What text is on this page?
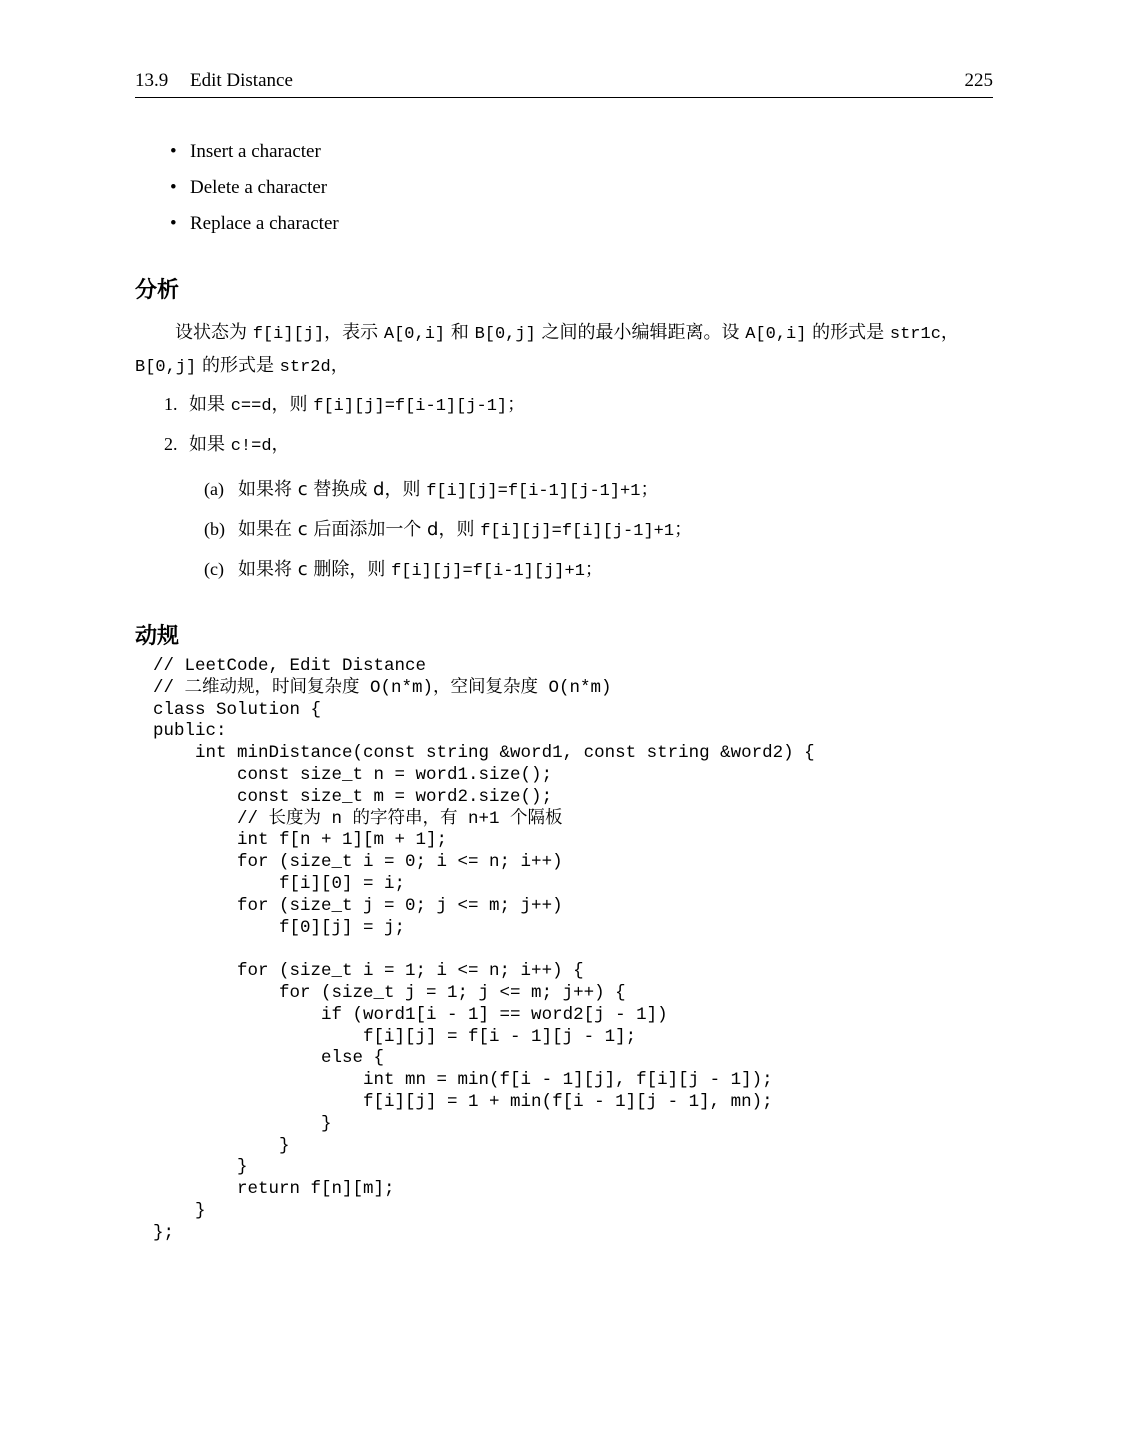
13.9 Edit Distance	225
• Insert a character
• Delete a character
• Replace a character
分析
设状态为 f[i][j]，表示 A[0,i] 和 B[0,j] 之间的最小编辑距离。设 A[0,i] 的形式是 str1c，B[0,j] 的形式是 str2d，
1. 如果 c==d，则 f[i][j]=f[i-1][j-1]；
2. 如果 c!=d，
(a) 如果将 c 替换成 d，则 f[i][j]=f[i-1][j-1]+1；
(b) 如果在 c 后面添加一个 d，则 f[i][j]=f[i][j-1]+1；
(c) 如果将 c 删除，则 f[i][j]=f[i-1][j]+1；
动规
// LeetCode, Edit Distance
// 二维动规，时间复杂度 O(n*m)，空间复杂度 O(n*m)
class Solution {
public:
int minDistance(const string &word1, const string &word2) {
const size_t n = word1.size();
const size_t m = word2.size();
// 长度为 n 的字符串，有 n+1 个隔板
int f[n + 1][m + 1];
for (size_t i = 0; i <= n; i++)
f[i][0] = i;
for (size_t j = 0; j <= m; j++)
f[0][j] = j;

for (size_t i = 1; i <= n; i++) {
for (size_t j = 1; j <= m; j++) {
if (word1[i - 1] == word2[j - 1])
f[i][j] = f[i - 1][j - 1];
else {
int mn = min(f[i - 1][j], f[i][j - 1]);
f[i][j] = 1 + min(f[i - 1][j - 1], mn);
}
}
}
return f[n][m];
}
};
